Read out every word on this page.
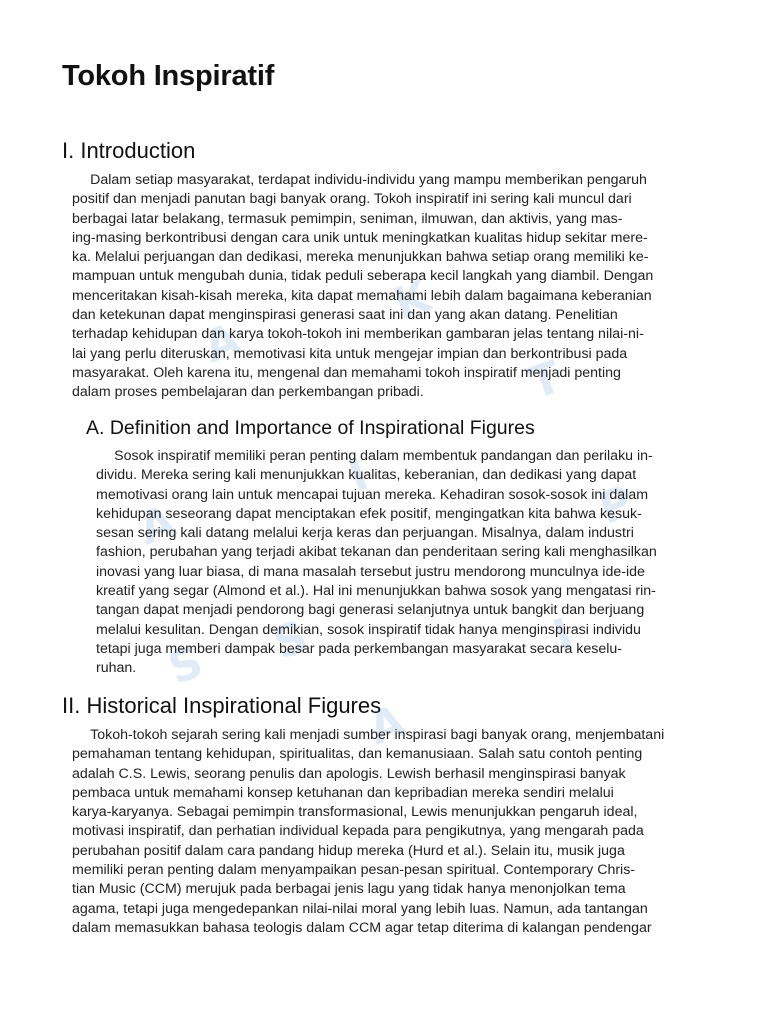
A
S
A
K
I
I
A
S
T
P
Tokoh Inspiratif
I. Introduction
  Dalam setiap masyarakat, terdapat individu-individu yang mampu memberikan pengaruh
positif dan menjadi panutan bagi banyak orang. Tokoh inspiratif ini sering kali muncul dari
berbagai latar belakang, termasuk pemimpin, seniman, ilmuwan, dan aktivis, yang mas-
ing-masing berkontribusi dengan cara unik untuk meningkatkan kualitas hidup sekitar mere-
ka. Melalui perjuangan dan dedikasi, mereka menunjukkan bahwa setiap orang memiliki ke-
mampuan untuk mengubah dunia, tidak peduli seberapa kecil langkah yang diambil. Dengan
menceritakan kisah-kisah mereka, kita dapat memahami lebih dalam bagaimana keberanian
dan ketekunan dapat menginspirasi generasi saat ini dan yang akan datang. Penelitian
terhadap kehidupan dan karya tokoh-tokoh ini memberikan gambaran jelas tentang nilai-ni-
lai yang perlu diteruskan, memotivasi kita untuk mengejar impian dan berkontribusi pada
masyarakat. Oleh karena itu, mengenal dan memahami tokoh inspiratif menjadi penting
dalam proses pembelajaran dan perkembangan pribadi.
A. Definition and Importance of Inspirational Figures
  Sosok inspiratif memiliki peran penting dalam membentuk pandangan dan perilaku in-
dividu. Mereka sering kali menunjukkan kualitas, keberanian, dan dedikasi yang dapat
memotivasi orang lain untuk mencapai tujuan mereka. Kehadiran sosok-sosok ini dalam
kehidupan seseorang dapat menciptakan efek positif, mengingatkan kita bahwa kesuk-
sesan sering kali datang melalui kerja keras dan perjuangan. Misalnya, dalam industri
fashion, perubahan yang terjadi akibat tekanan dan penderitaan sering kali menghasilkan
inovasi yang luar biasa, di mana masalah tersebut justru mendorong munculnya ide-ide
kreatif yang segar (Almond et al.). Hal ini menunjukkan bahwa sosok yang mengatasi rin-
tangan dapat menjadi pendorong bagi generasi selanjutnya untuk bangkit dan berjuang
melalui kesulitan. Dengan demikian, sosok inspiratif tidak hanya menginspirasi individu
tetapi juga memberi dampak besar pada perkembangan masyarakat secara keselu-
ruhan.
II. Historical Inspirational Figures
  Tokoh-tokoh sejarah sering kali menjadi sumber inspirasi bagi banyak orang, menjembatani
pemahaman tentang kehidupan, spiritualitas, dan kemanusiaan. Salah satu contoh penting
adalah C.S. Lewis, seorang penulis dan apologis. Lewish berhasil menginspirasi banyak
pembaca untuk memahami konsep ketuhanan dan kepribadian mereka sendiri melalui
karya-karyanya. Sebagai pemimpin transformasional, Lewis menunjukkan pengaruh ideal,
motivasi inspiratif, dan perhatian individual kepada para pengikutnya, yang mengarah pada
perubahan positif dalam cara pandang hidup mereka (Hurd et al.). Selain itu, musik juga
memiliki peran penting dalam menyampaikan pesan-pesan spiritual. Contemporary Chris-
tian Music (CCM) merujuk pada berbagai jenis lagu yang tidak hanya menonjolkan tema
agama, tetapi juga mengedepankan nilai-nilai moral yang lebih luas. Namun, ada tantangan
dalam memasukkan bahasa teologis dalam CCM agar tetap diterima di kalangan pendengar
